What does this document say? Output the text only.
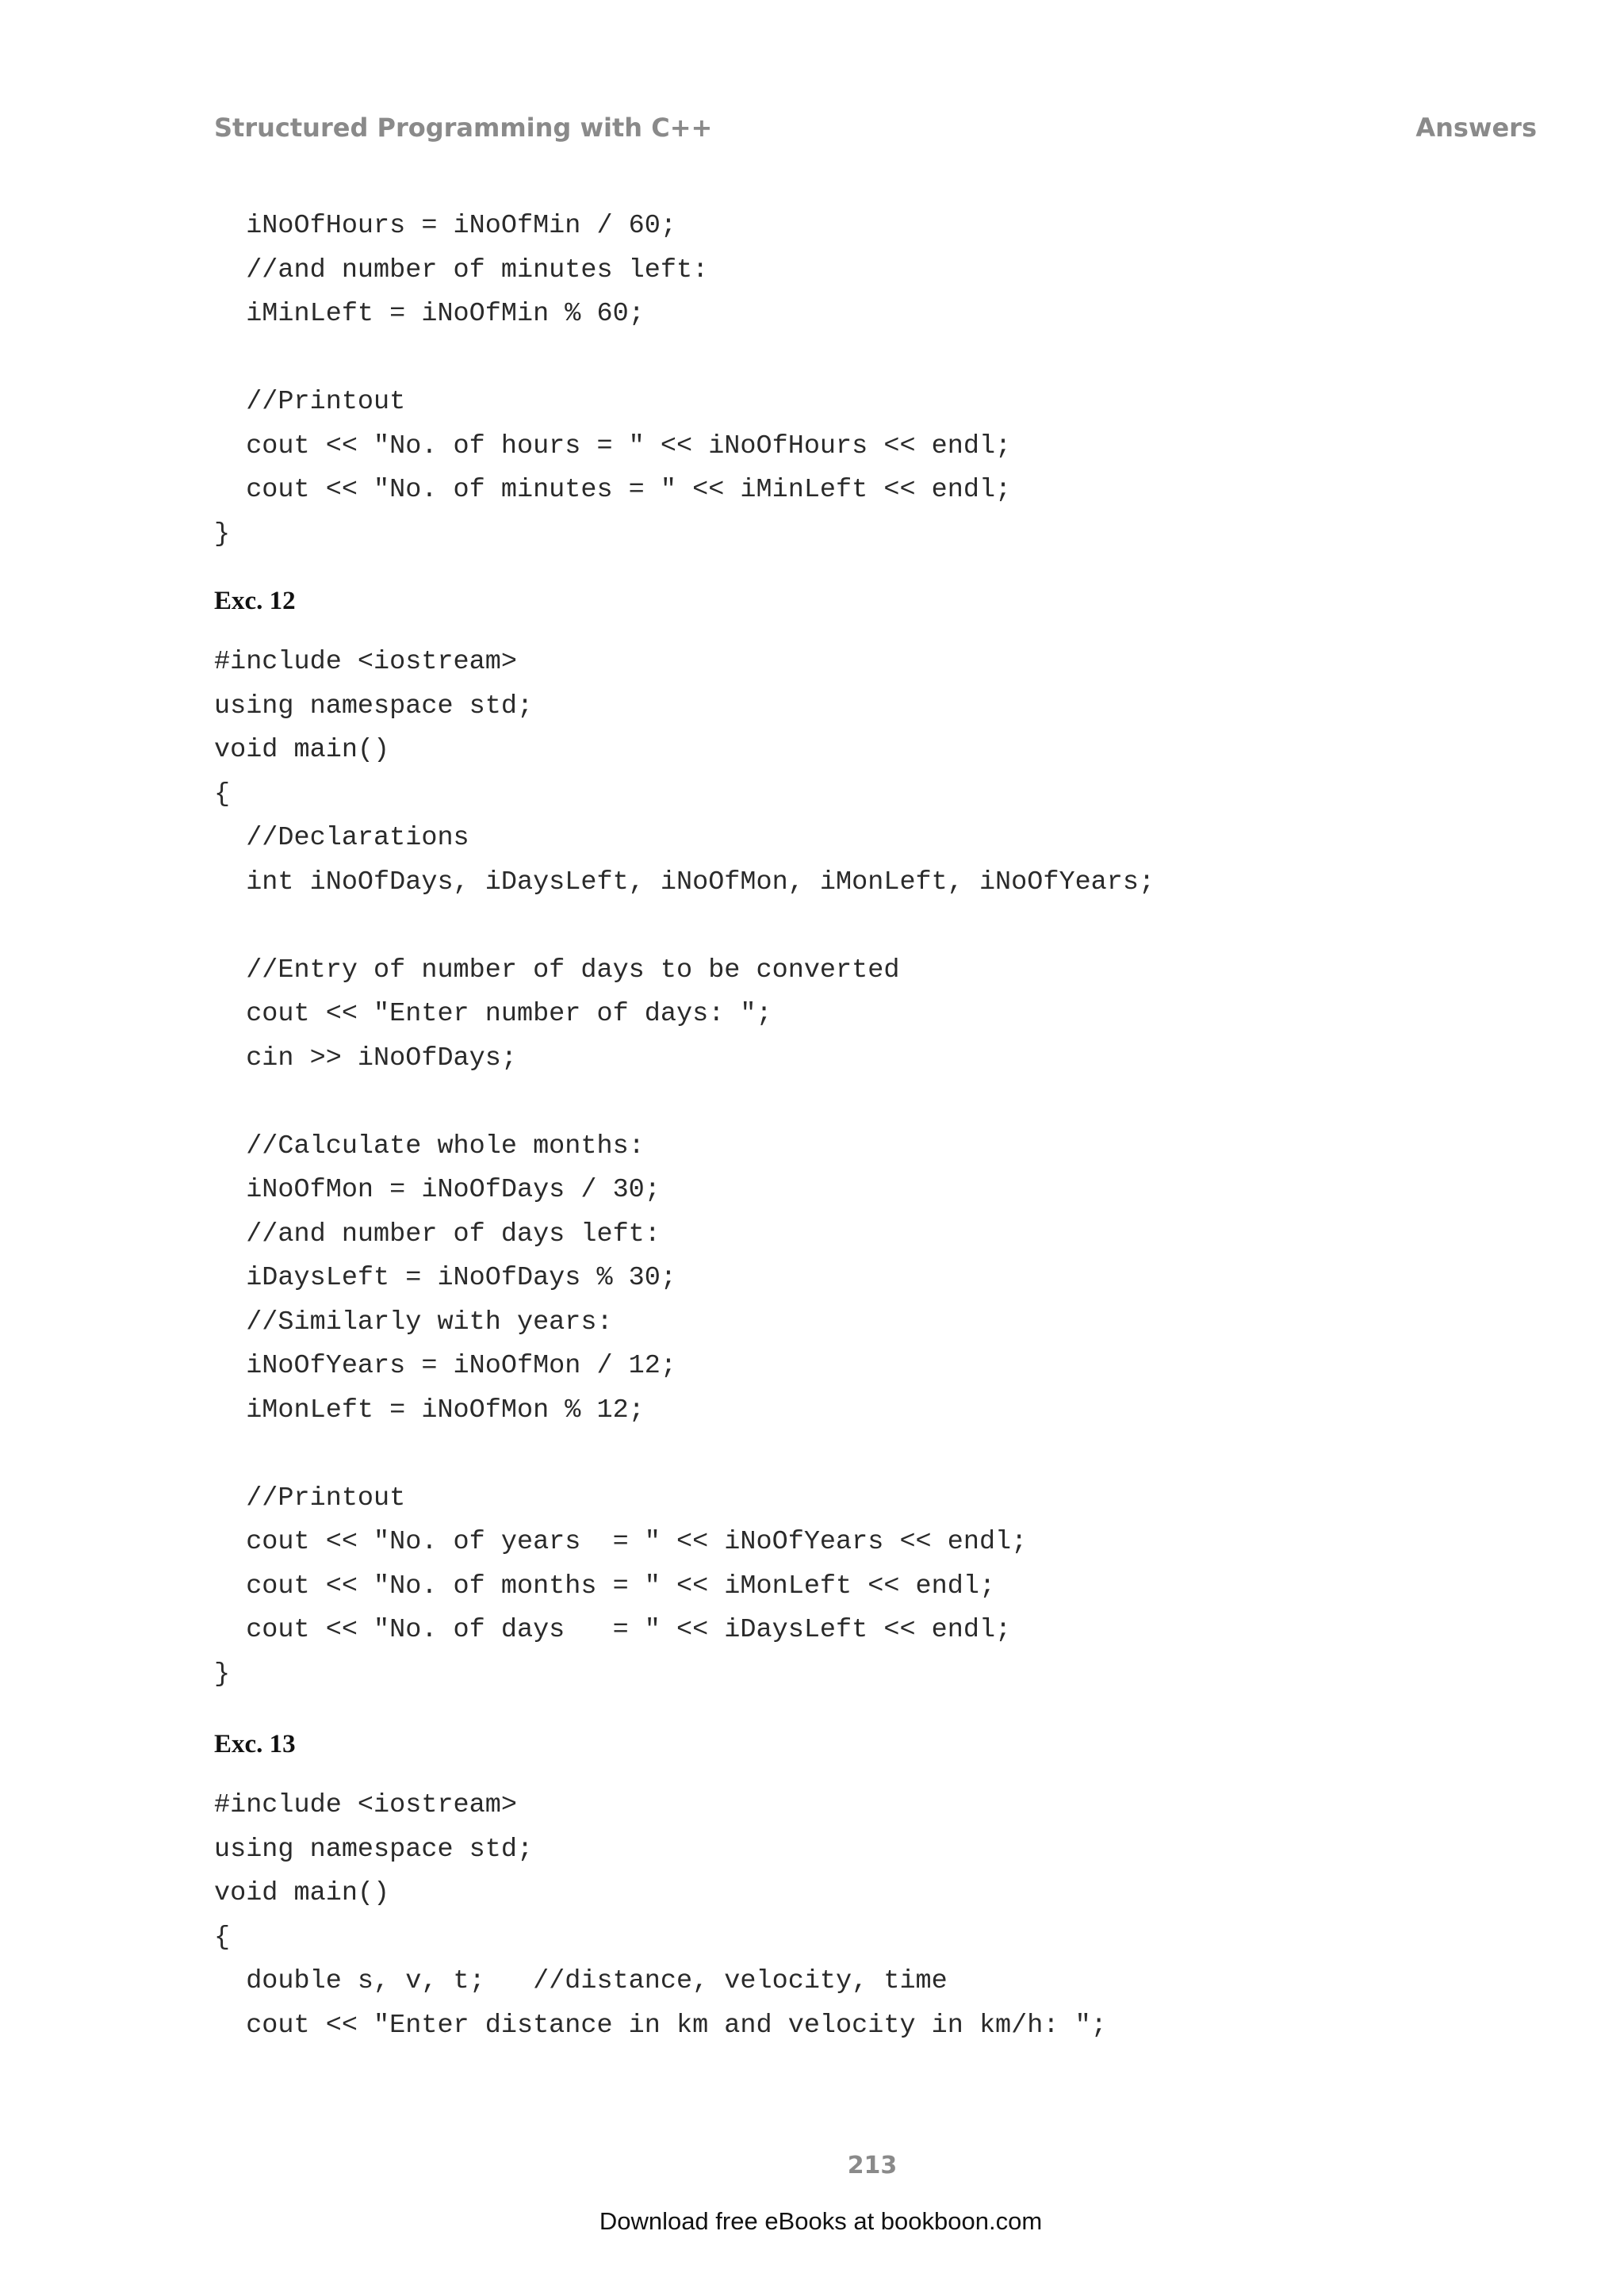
Structured Programming with C++	Answers
iNoOfHours = iNoOfMin / 60;
//and number of minutes left:
iMinLeft = iNoOfMin % 60;
//Printout
cout << "No. of hours = " << iNoOfHours << endl;
cout << "No. of minutes = " << iMinLeft << endl;
}
Exc. 12
#include <iostream>
using namespace std;
void main()
{
//Declarations
int iNoOfDays, iDaysLeft, iNoOfMon, iMonLeft, iNoOfYears;
//Entry of number of days to be converted
cout << "Enter number of days: ";
cin >> iNoOfDays;
//Calculate whole months:
iNoOfMon = iNoOfDays / 30;
//and number of days left:
iDaysLeft = iNoOfDays % 30;
//Similarly with years:
iNoOfYears = iNoOfMon / 12;
iMonLeft = iNoOfMon % 12;
//Printout
cout << "No. of years  = " << iNoOfYears << endl;
cout << "No. of months = " << iMonLeft << endl;
cout << "No. of days   = " << iDaysLeft << endl;
}
Exc. 13
#include <iostream>
using namespace std;
void main()
{
double s, v, t;   //distance, velocity, time
cout << "Enter distance in km and velocity in km/h: ";
213
Download free eBooks at bookboon.com
